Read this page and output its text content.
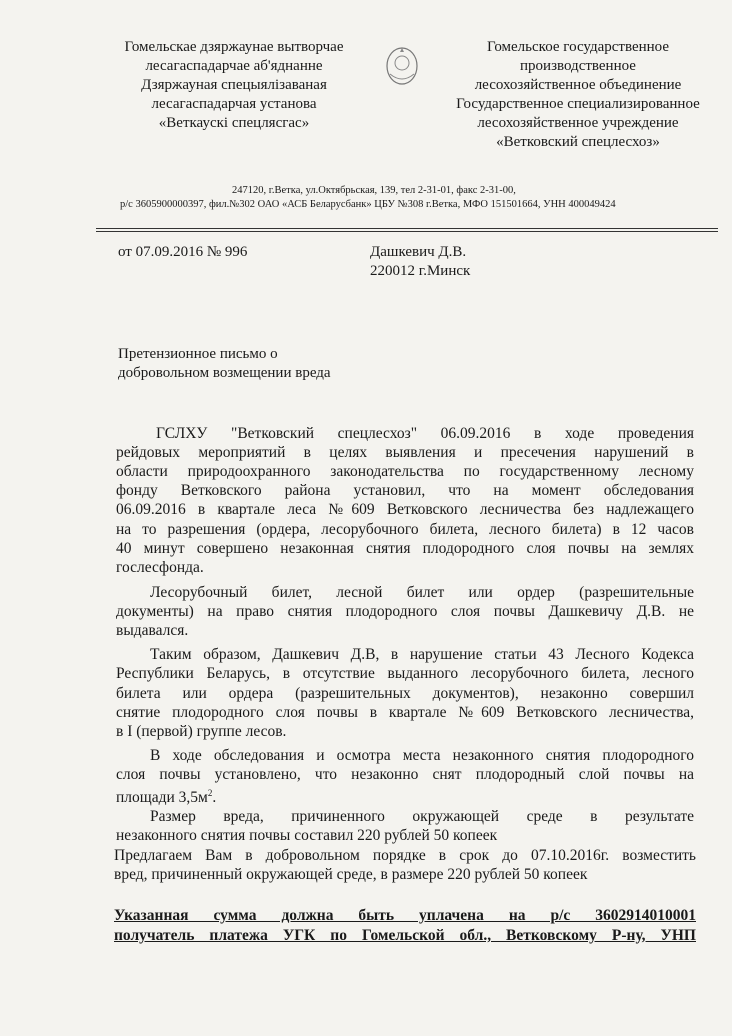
Гомельскае дзяржаунае вытворчае
лесагаспадарчае аб'яднанне
Дзяржауная спецыялізаваная
лесагаспадарчая установа
«Веткаускі спецлясгас»
Гомельское государственное
производственное
лесохозяйственное объединение
Государственное специализированное
лесохозяйственное учреждение
«Ветковский спецлесхоз»
247120, г.Ветка, ул.Октябрьская, 139, тел 2-31-01, факс 2-31-00,
р/с 3605900000397, фил.№302 ОАО «АСБ Беларусбанк» ЦБУ №308 г.Ветка, МФО 151501664, УНН 400049424
от 07.09.2016 № 996	Дашкевич Д.В.
220012 г.Минск
Претензионное письмо о
добровольном возмещении вреда
ГСЛХУ "Ветковский спецлесхоз" 06.09.2016 в ходе проведения
рейдовых мероприятий в целях выявления и пресечения нарушений в
области природоохранного законодательства по государственному лесному
фонду Ветковского района установил, что на момент обследования
06.09.2016 в квартале леса №609 Ветковского лесничества без надлежащего
на то разрешения (ордера, лесорубочного билета, лесного билета) в 12 часов
40 минут совершено незаконная снятия плодородного слоя почвы на землях
гослесфонда.
Лесорубочный билет, лесной билет или ордер (разрешительные
документы) на право снятия плодородного слоя почвы Дашкевичу Д.В. не
выдавался.
Таким образом, Дашкевич Д.В, в нарушение статьи 43 Лесного Кодекса
Республики Беларусь, в отсутствие выданного лесорубочного билета, лесного
билета или ордера (разрешительных документов), незаконно совершил
снятие плодородного слоя почвы в квартале №609 Ветковского лесничества,
в I (первой) группе лесов.
В ходе обследования и осмотра места незаконного снятия плодородного
слоя почвы установлено, что незаконно снят плодородный слой почвы на
площади $3,5м^2$.
Размер вреда, причиненного окружающей среде в результате
незаконного снятия почвы составил 220 рублей 50 копеек
Предлагаем Вам в добровольном порядке в срок до 07.10.2016г. возместить
вред, причиненный окружающей среде, в размере 220 рублей 50 копеек
Указанная сумма должна быть уплачена на р/с 3602914010001
получатель платежа УГК по Гомельской обл., Ветковскому Р-ну, УНП
